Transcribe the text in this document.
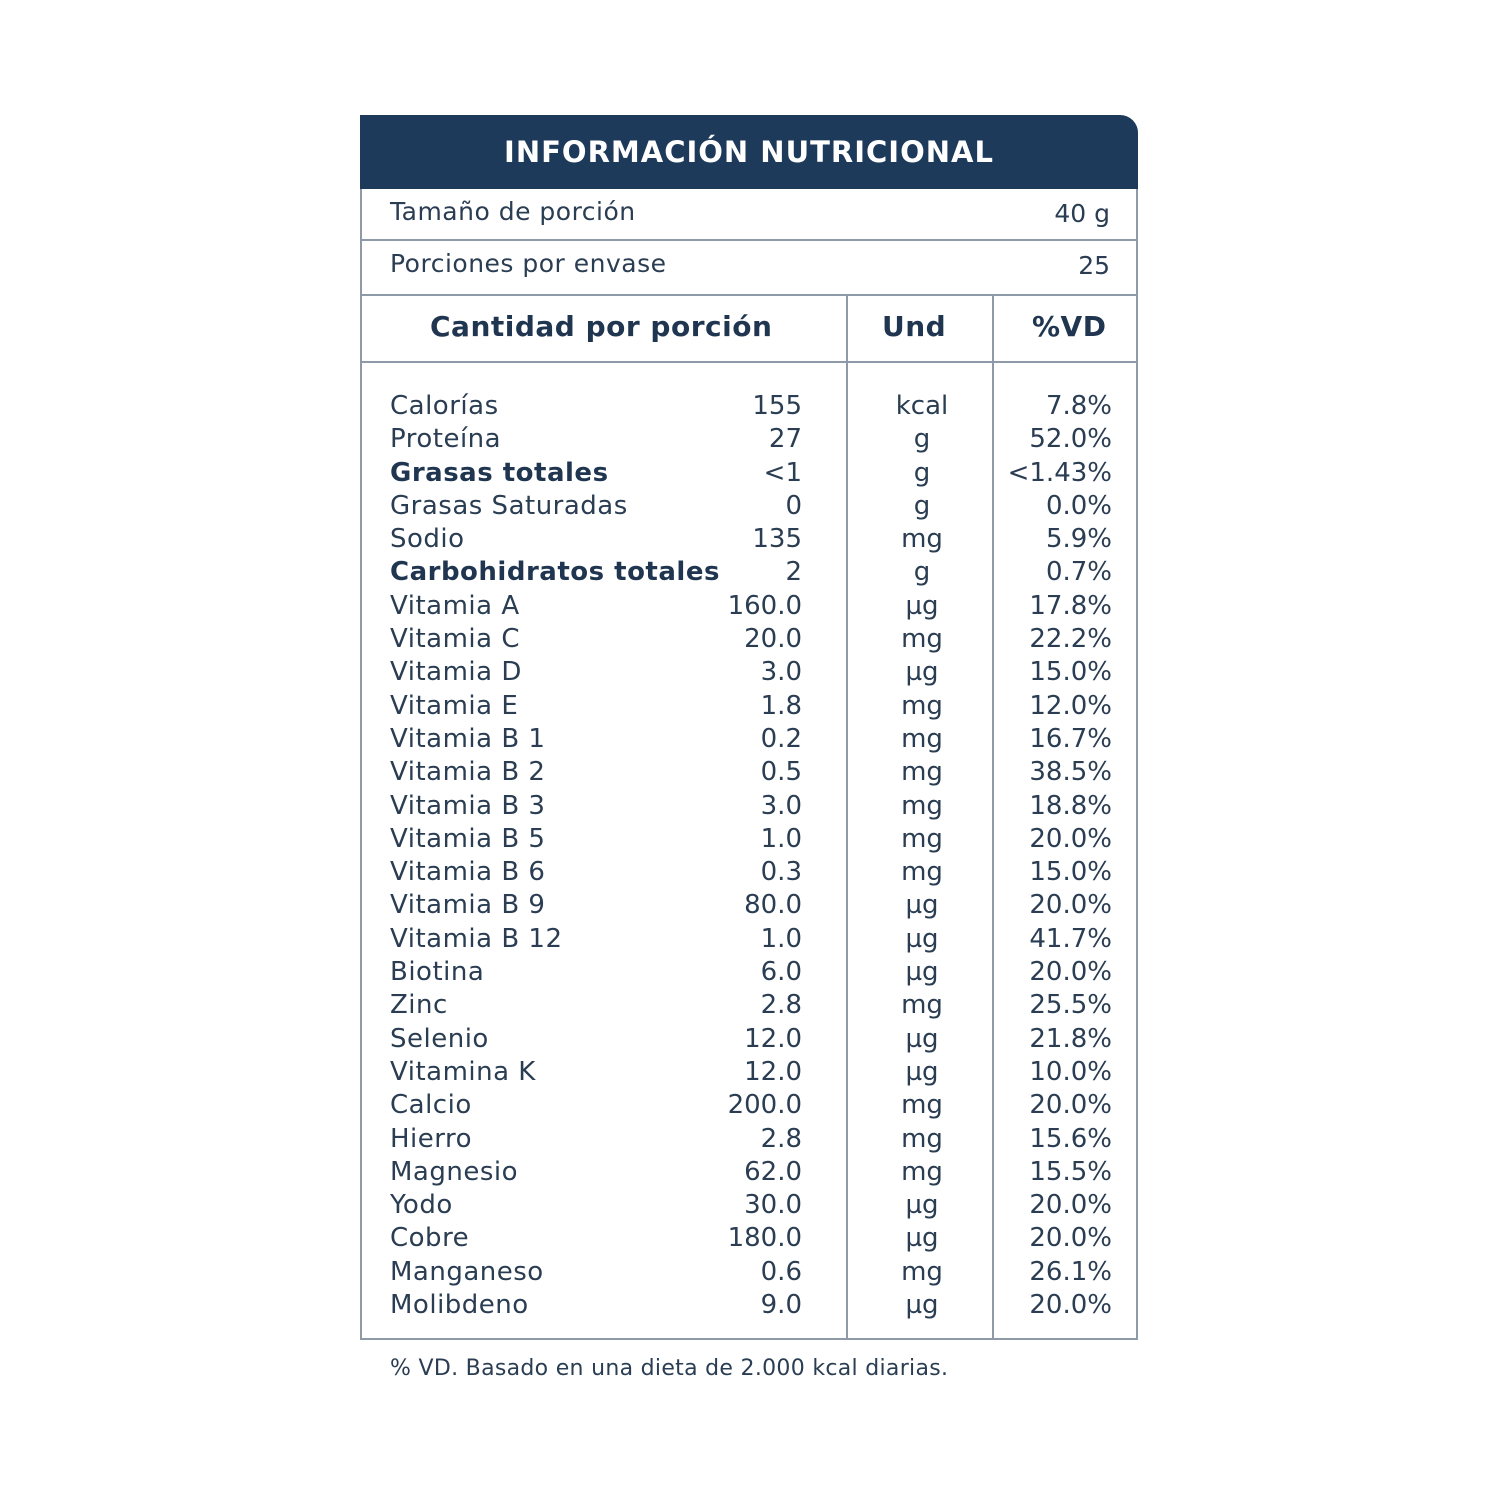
INFORMACIÓN NUTRICIONAL
Tamaño de porción	40 g
Porciones por envase	25
Cantidad por porción	Und	%VD
Calorías	155	kcal	7.8%
Proteína	27	g	52.0%
Grasas totales	<1	g	<1.43%
Grasas Saturadas	0	g	0.0%
Sodio	135	mg	5.9%
Carbohidratos totales	2	g	0.7%
Vitamia A	160.0	µg	17.8%
Vitamia C	20.0	mg	22.2%
Vitamia D	3.0	µg	15.0%
Vitamia E	1.8	mg	12.0%
Vitamia B 1	0.2	mg	16.7%
Vitamia B 2	0.5	mg	38.5%
Vitamia B 3	3.0	mg	18.8%
Vitamia B 5	1.0	mg	20.0%
Vitamia B 6	0.3	mg	15.0%
Vitamia B 9	80.0	µg	20.0%
Vitamia B 12	1.0	µg	41.7%
Biotina	6.0	µg	20.0%
Zinc	2.8	mg	25.5%
Selenio	12.0	µg	21.8%
Vitamina K	12.0	µg	10.0%
Calcio	200.0	mg	20.0%
Hierro	2.8	mg	15.6%
Magnesio	62.0	mg	15.5%
Yodo	30.0	µg	20.0%
Cobre	180.0	µg	20.0%
Manganeso	0.6	mg	26.1%
Molibdeno	9.0	µg	20.0%
% VD. Basado en una dieta de 2.000 kcal diarias.
